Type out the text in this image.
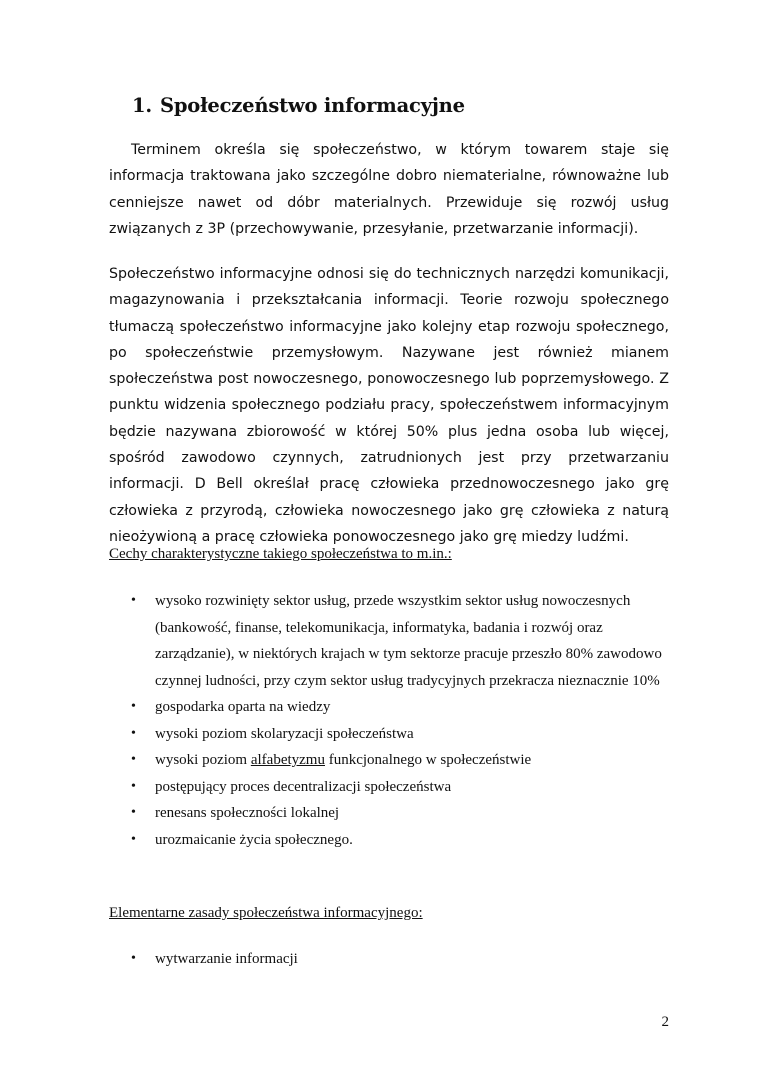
1. Społeczeństwo informacyjne

Terminem określa się społeczeństwo, w którym towarem staje się informacja traktowana jako szczególne dobro niematerialne, równoważne lub cenniejsze nawet od dóbr materialnych. Przewiduje się rozwój usług związanych z 3P (przechowywanie, przesyłanie, przetwarzanie informacji).

Społeczeństwo informacyjne odnosi się do technicznych narzędzi komunikacji, magazynowania i przekształcania informacji. Teorie rozwoju społecznego tłumaczą społeczeństwo informacyjne jako kolejny etap rozwoju społecznego, po społeczeństwie przemysłowym. Nazywane jest również mianem społeczeństwa post nowoczesnego, ponowoczesnego lub poprzemysłowego. Z punktu widzenia społecznego podziału pracy, społeczeństwem informacyjnym będzie nazywana zbiorowość w której 50% plus jedna osoba lub więcej, spośród zawodowo czynnych, zatrudnionych jest przy przetwarzaniu informacji. D Bell określał pracę człowieka przednowoczesnego jako grę człowieka z przyrodą, człowieka nowoczesnego jako grę człowieka z naturą nieożywioną a pracę człowieka ponowoczesnego jako grę miedzy ludźmi.

Cechy charakterystyczne takiego społeczeństwa to m.in.:

• wysoko rozwinięty sektor usług, przede wszystkim sektor usług nowoczesnych (bankowość, finanse, telekomunikacja, informatyka, badania i rozwój oraz zarządzanie), w niektórych krajach w tym sektorze pracuje przeszło 80% zawodowo czynnej ludności, przy czym sektor usług tradycyjnych przekracza nieznacznie 10%
• gospodarka oparta na wiedzy
• wysoki poziom skolaryzacji społeczeństwa
• wysoki poziom alfabetyzmu funkcjonalnego w społeczeństwie
• postępujący proces decentralizacji społeczeństwa
• renesans społeczności lokalnej
• urozmaicanie życia społecznego.

Elementarne zasady społeczeństwa informacyjnego:

• wytwarzanie informacji
2
